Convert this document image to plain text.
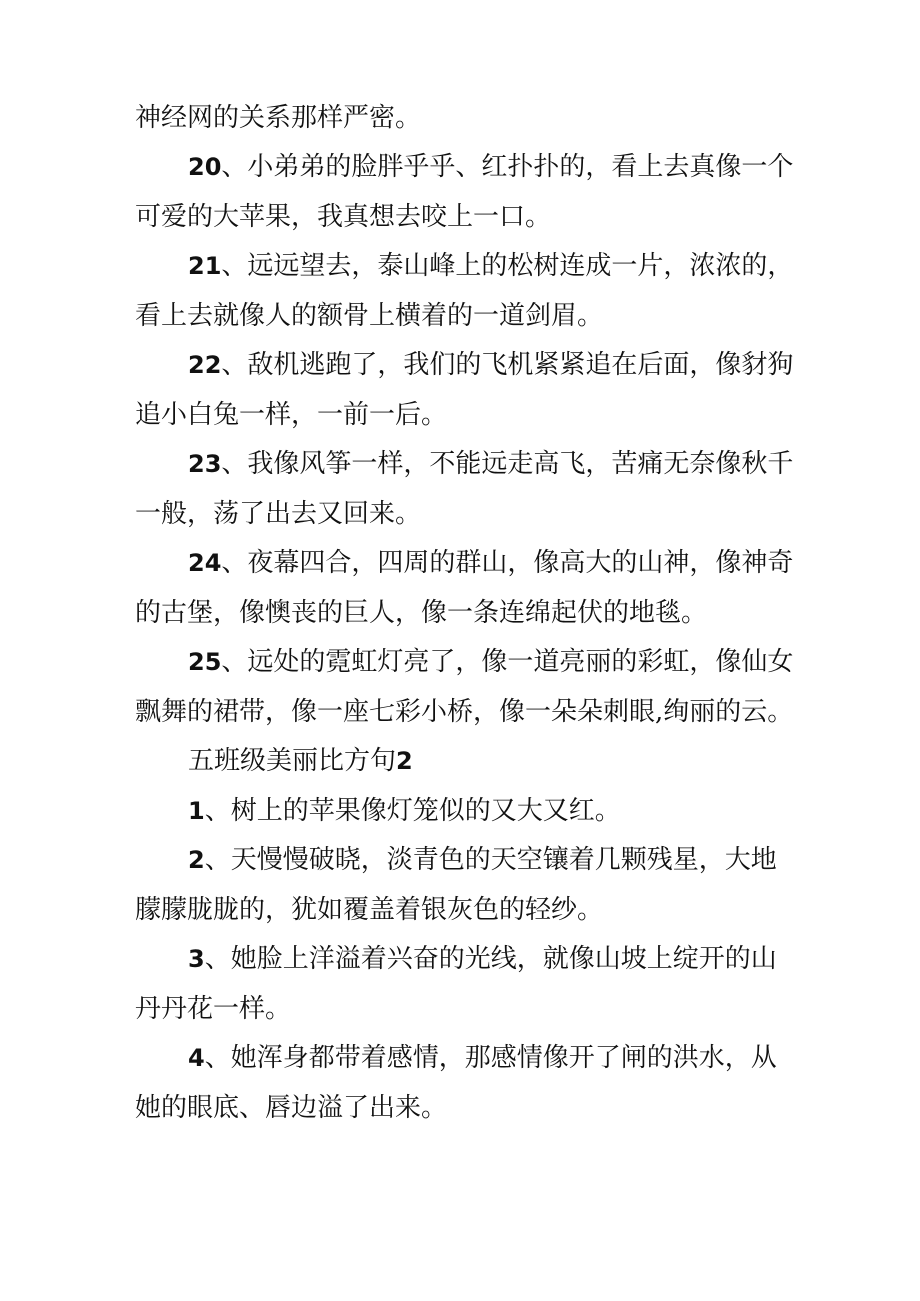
神经网的关系那样严密。

20、小弟弟的脸胖乎乎、红扑扑的，看上去真像一个

可爱的大苹果，我真想去咬上一口。

21、远远望去，泰山峰上的松树连成一片，浓浓的，

看上去就像人的额骨上横着的一道剑眉。

22、敌机逃跑了，我们的飞机紧紧追在后面，像豺狗

追小白兔一样，一前一后。

23、我像风筝一样，不能远走高飞，苦痛无奈像秋千

一般，荡了出去又回来。

24、夜幕四合，四周的群山，像高大的山神，像神奇

的古堡，像懊丧的巨人，像一条连绵起伏的地毯。

25、远处的霓虹灯亮了，像一道亮丽的彩虹，像仙女

飘舞的裙带，像一座七彩小桥，像一朵朵刺眼,绚丽的云。

五班级美丽比方句2

1、树上的苹果像灯笼似的又大又红。

2、天慢慢破晓，淡青色的天空镶着几颗残星，大地

朦朦胧胧的，犹如覆盖着银灰色的轻纱。

3、她脸上洋溢着兴奋的光线，就像山坡上绽开的山

丹丹花一样。

4、她浑身都带着感情，那感情像开了闸的洪水，从

她的眼底、唇边溢了出来。
